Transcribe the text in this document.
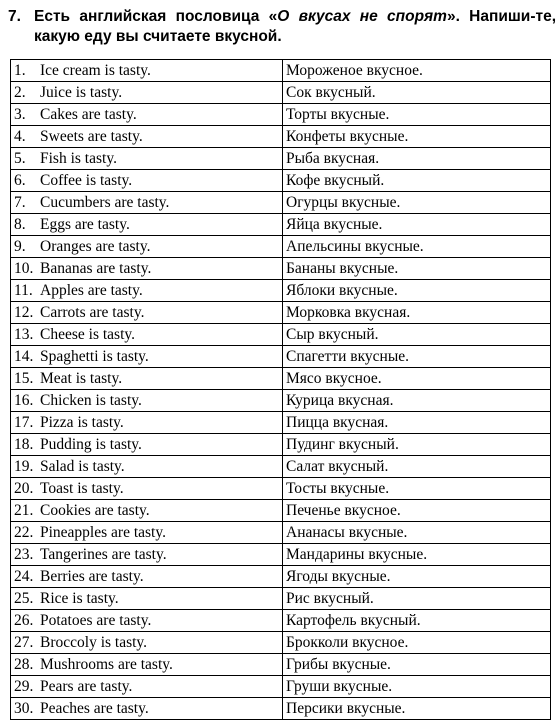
7. Есть английская пословица «О вкусах не спорят». Напиши-те, какую еду вы считаете вкусной.
1. Ice cream is tasty.	Мороженое вкусное.
2. Juice is tasty.	Сок вкусный.
3. Cakes are tasty.	Торты вкусные.
4. Sweets are tasty.	Конфеты вкусные.
5. Fish is tasty.	Рыба вкусная.
6. Coffee is tasty.	Кофе вкусный.
7. Cucumbers are tasty.	Огурцы вкусные.
8. Eggs are tasty.	Яйца вкусные.
9. Oranges are tasty.	Апельсины вкусные.
10. Bananas are tasty.	Бананы вкусные.
11. Apples are tasty.	Яблоки вкусные.
12. Carrots are tasty.	Морковка вкусная.
13. Cheese is tasty.	Сыр вкусный.
14. Spaghetti is tasty.	Спагетти вкусные.
15. Meat is tasty.	Мясо вкусное.
16. Chicken is tasty.	Курица вкусная.
17. Pizza is tasty.	Пицца вкусная.
18. Pudding is tasty.	Пудинг вкусный.
19. Salad is tasty.	Салат вкусный.
20. Toast is tasty.	Тосты вкусные.
21. Cookies are tasty.	Печенье вкусное.
22. Pineapples are tasty.	Ананасы вкусные.
23. Tangerines are tasty.	Мандарины вкусные.
24. Berries are tasty.	Ягоды вкусные.
25. Rice is tasty.	Рис вкусный.
26. Potatoes are tasty.	Картофель вкусный.
27. Broccoly is tasty.	Брокколи вкусное.
28. Mushrooms are tasty.	Грибы вкусные.
29. Pears are tasty.	Груши вкусные.
30. Peaches are tasty.	Персики вкусные.
